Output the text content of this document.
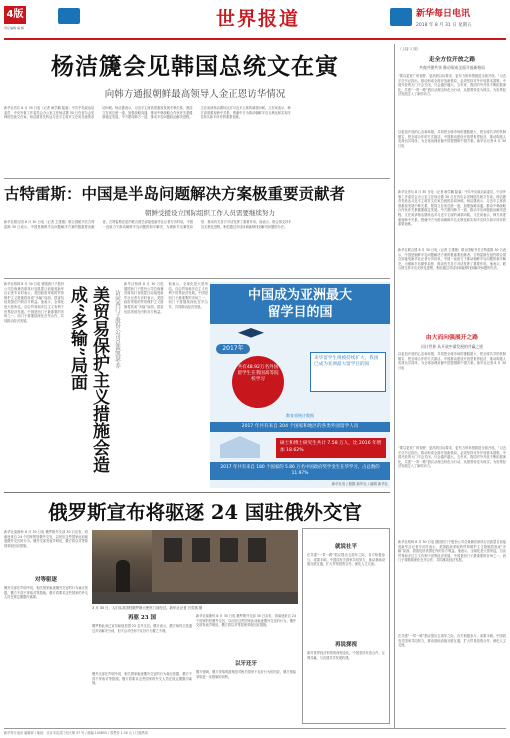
4版
责任编辑 编 辑	世界报道	新华每日电讯
2018 年 8 月 31 日 星期五
杨洁篪会见韩国总统文在寅
向韩方通报朝鲜最高领导人金正恩访华情况
新华社首尔 8 月 30 日电（记者 耿学鹏 陆睿）中共中央政治局委员、中央外事工作委员会办公室主任杨洁篪 30 日在首尔会见韩国总统文在寅。杨洁篪首先转达习近平主席对文在寅总统的亲切问候。杨洁篪表示，习近平主席高度重视发展中韩关系，愿同文在寅总统一道，加强战略沟通，推动中韩战略合作伙伴关系健康稳定发展。中方愿同韩方一道，推动半岛问题政治解决进程。文在寅请杨洁篪转达对习近平主席的诚挚问候。文在寅表示，韩方高度重视韩中关系，感谢中方为推动朝鲜半岛无核化和实现半岛持久和平所作的重要贡献。
古特雷斯：中国是半岛问题解决方案极重要贡献者
朝鲜受援设立国际组织工作人员需要继续努力
新华社联合国 8 月 30 日电（记者 王建刚）联合国秘书长古特雷斯 30 日表示，中国是朝鲜半岛问题解决方案的极重要贡献者。古特雷斯在纽约联合国总部接受新华社记者专访时说，中国一直致力于推动朝鲜半岛问题的和平解决，为缓和半岛紧张局势、推动有关各方对话发挥了重要作用。他表示，联合国支持半岛无核化进程，相信通过对话协商能够找到解决问题的办法。
新华社柏林 8 月 30 日电 德国西门子股份公司总裁兼首席执行官凯瑟日前接受新华社记者专访时表示，美国政府采取的贸易保护主义措施将造成“多输”局面，损害包括美国在内的各方利益。他表示，全球化是大势所趋，自由贸易和多边主义有利于世界经济发展。中国是西门子最重要的市场之一，西门子将继续深化在华合作，共同推动经济发展。	美贸易保护主义措施会造成“多输”局面	访问西门子股份公司总裁凯瑟·乔
新华社柏林 8 月 30 日电 德国西门子股份公司总裁兼首席执行官凯瑟日前接受新华社记者专访时表示，美国政府采取的贸易保护主义措施将造成“多输”局面，损害包括美国在内的各方利益。他表示，全球化是大势所趋，自由贸易和多边主义有利于世界经济发展。中国是西门子最重要的市场之一，西门子将继续深化在华合作，共同推动经济发展。
中国成为亚洲最大
留学目的国
2017年
共有48.92万名外国留学生在我国高等院校学习
来华留学生规模持续扩大，我国已成为亚洲最大留学目的国
教育部统计数据
2017 年共有来自 204 个国家和地区的各类外国留学人员
硕士和博士研究生共计 7.58 万人，比 2016 年增加 18.62%
2017 年共有来自 180 个国家的 5.86 万名中国政府奖学金生在华学习，占总数的 11.97%
新华社发 / 数据 新华社 / 编辑 新华社
俄罗斯宣布将驱逐 24 国驻俄外交官
新华社莫斯科 8 月 30 日电 俄罗斯外交部 30 日宣布，将驱逐来自 24 个国家的驻俄外交官，以回应这些国家此前驱逐俄外交官的行为。俄外交部发表声明说，俄方将以对等原则采取回应措施。
对等驱逐
俄外交部在声明中说，相关国家驱逐俄外交官的行为毫无依据，俄方不得不采取对等措施。俄方将要求这些国家的外交人员在规定期限内离境。
3 月 30 日，人们从英国驻俄罗斯大使馆门前经过。新华社记者 白雪骐 摄
再驱 23 国
俄罗斯此前已宣布驱逐英国 23 名外交官。俄方表示，俄方始终主张通过对话解决分歧，但不会对任何不友好行为置之不理。
以牙还牙
新华社莫斯科 8 月 30 日电 俄罗斯外交部 30 日宣布，将驱逐来自 24 个国家的驻俄外交官，以回应这些国家此前驱逐俄外交官的行为。俄外交部发表声明说，俄方将以对等原则采取回应措施。
俄方强调，俄方采取的措施是对相关国家不友好行为的回应，俄方保留采取进一步措施的权利。
俄外交部在声明中说，相关国家驱逐俄外交官的行为毫无依据，俄方不得不采取对等措施。俄方将要求这些国家的外交人员在规定期限内离境。
就说社平
在共建“一带一路”倡议提出五周年之际，各方积极参与，成果丰硕。中国同有关国家共同努力，推动基础设施互联互通，扩大贸易投资合作，深化人文交流。
再说探视
面对世界经济形势的深刻变化，中国坚持开放合作、互利共赢，与各国共享发展机遇。
（上接 1 版）
走全方位开放之路
共商共建共享 推动形成全面开放新格局
“要以更宽广的视野、更高的目标要求、更有力的举措推进全面开放。”习近平总书记指出，推动形成全面开放新格局，必须坚持对外开放基本国策。中国开放的大门不会关闭，只会越开越大。五年来，我国对外开放不断拓展深化，共建“一带一路”倡议从理念转化为行动，从愿景转变为现实，为世界经济发展注入了新的动力。
以更加开放的心态和举措，共同把全球市场的蛋糕做大、把全球共享的机制做实、把全球合作的方式做活。中国推动建设开放型世界经济，推动构建人类命运共同体，为全球治理贡献中国智慧和中国方案。新华社记者 8 月 30 日电
新华社首尔 8 月 30 日电（记者 耿学鹏 陆睿）中共中央政治局委员、中央外事工作委员会办公室主任杨洁篪 30 日在首尔会见韩国总统文在寅。杨洁篪首先转达习近平主席对文在寅总统的亲切问候。杨洁篪表示，习近平主席高度重视发展中韩关系，愿同文在寅总统一道，加强战略沟通，推动中韩战略合作伙伴关系健康稳定发展。中方愿同韩方一道，推动半岛问题政治解决进程。文在寅请杨洁篪转达对习近平主席的诚挚问候。文在寅表示，韩方高度重视韩中关系，感谢中方为推动朝鲜半岛无核化和实现半岛持久和平所作的重要贡献。
新华社联合国 8 月 30 日电（记者 王建刚）联合国秘书长古特雷斯 30 日表示，中国是朝鲜半岛问题解决方案的极重要贡献者。古特雷斯在纽约联合国总部接受新华社记者专访时说，中国一直致力于推动朝鲜半岛问题的和平解决，为缓和半岛紧张局势、推动有关各方对话发挥了重要作用。他表示，联合国支持半岛无核化进程，相信通过对话协商能够找到解决问题的办法。
由大而向强展开之路
问计世界 从开放中谋发展的共赢之道
以更加开放的心态和举措，共同把全球市场的蛋糕做大、把全球共享的机制做实、把全球合作的方式做活。中国推动建设开放型世界经济，推动构建人类命运共同体，为全球治理贡献中国智慧和中国方案。新华社记者 8 月 30 日电
“要以更宽广的视野、更高的目标要求、更有力的举措推进全面开放。”习近平总书记指出，推动形成全面开放新格局，必须坚持对外开放基本国策。中国开放的大门不会关闭，只会越开越大。五年来，我国对外开放不断拓展深化，共建“一带一路”倡议从理念转化为行动，从愿景转变为现实，为世界经济发展注入了新的动力。
新华社柏林 8 月 30 日电 德国西门子股份公司总裁兼首席执行官凯瑟日前接受新华社记者专访时表示，美国政府采取的贸易保护主义措施将造成“多输”局面，损害包括美国在内的各方利益。他表示，全球化是大势所趋，自由贸易和多边主义有利于世界经济发展。中国是西门子最重要的市场之一，西门子将继续深化在华合作，共同推动经济发展。
在共建“一带一路”倡议提出五周年之际，各方积极参与，成果丰硕。中国同有关国家共同努力，推动基础设施互联互通，扩大贸易投资合作，深化人文交流。
新华每日电讯 编辑部 / 地址：北京市宣武门西大街 57 号 / 邮编 100803 / 零售价 1.50 元 / 订阅热线
